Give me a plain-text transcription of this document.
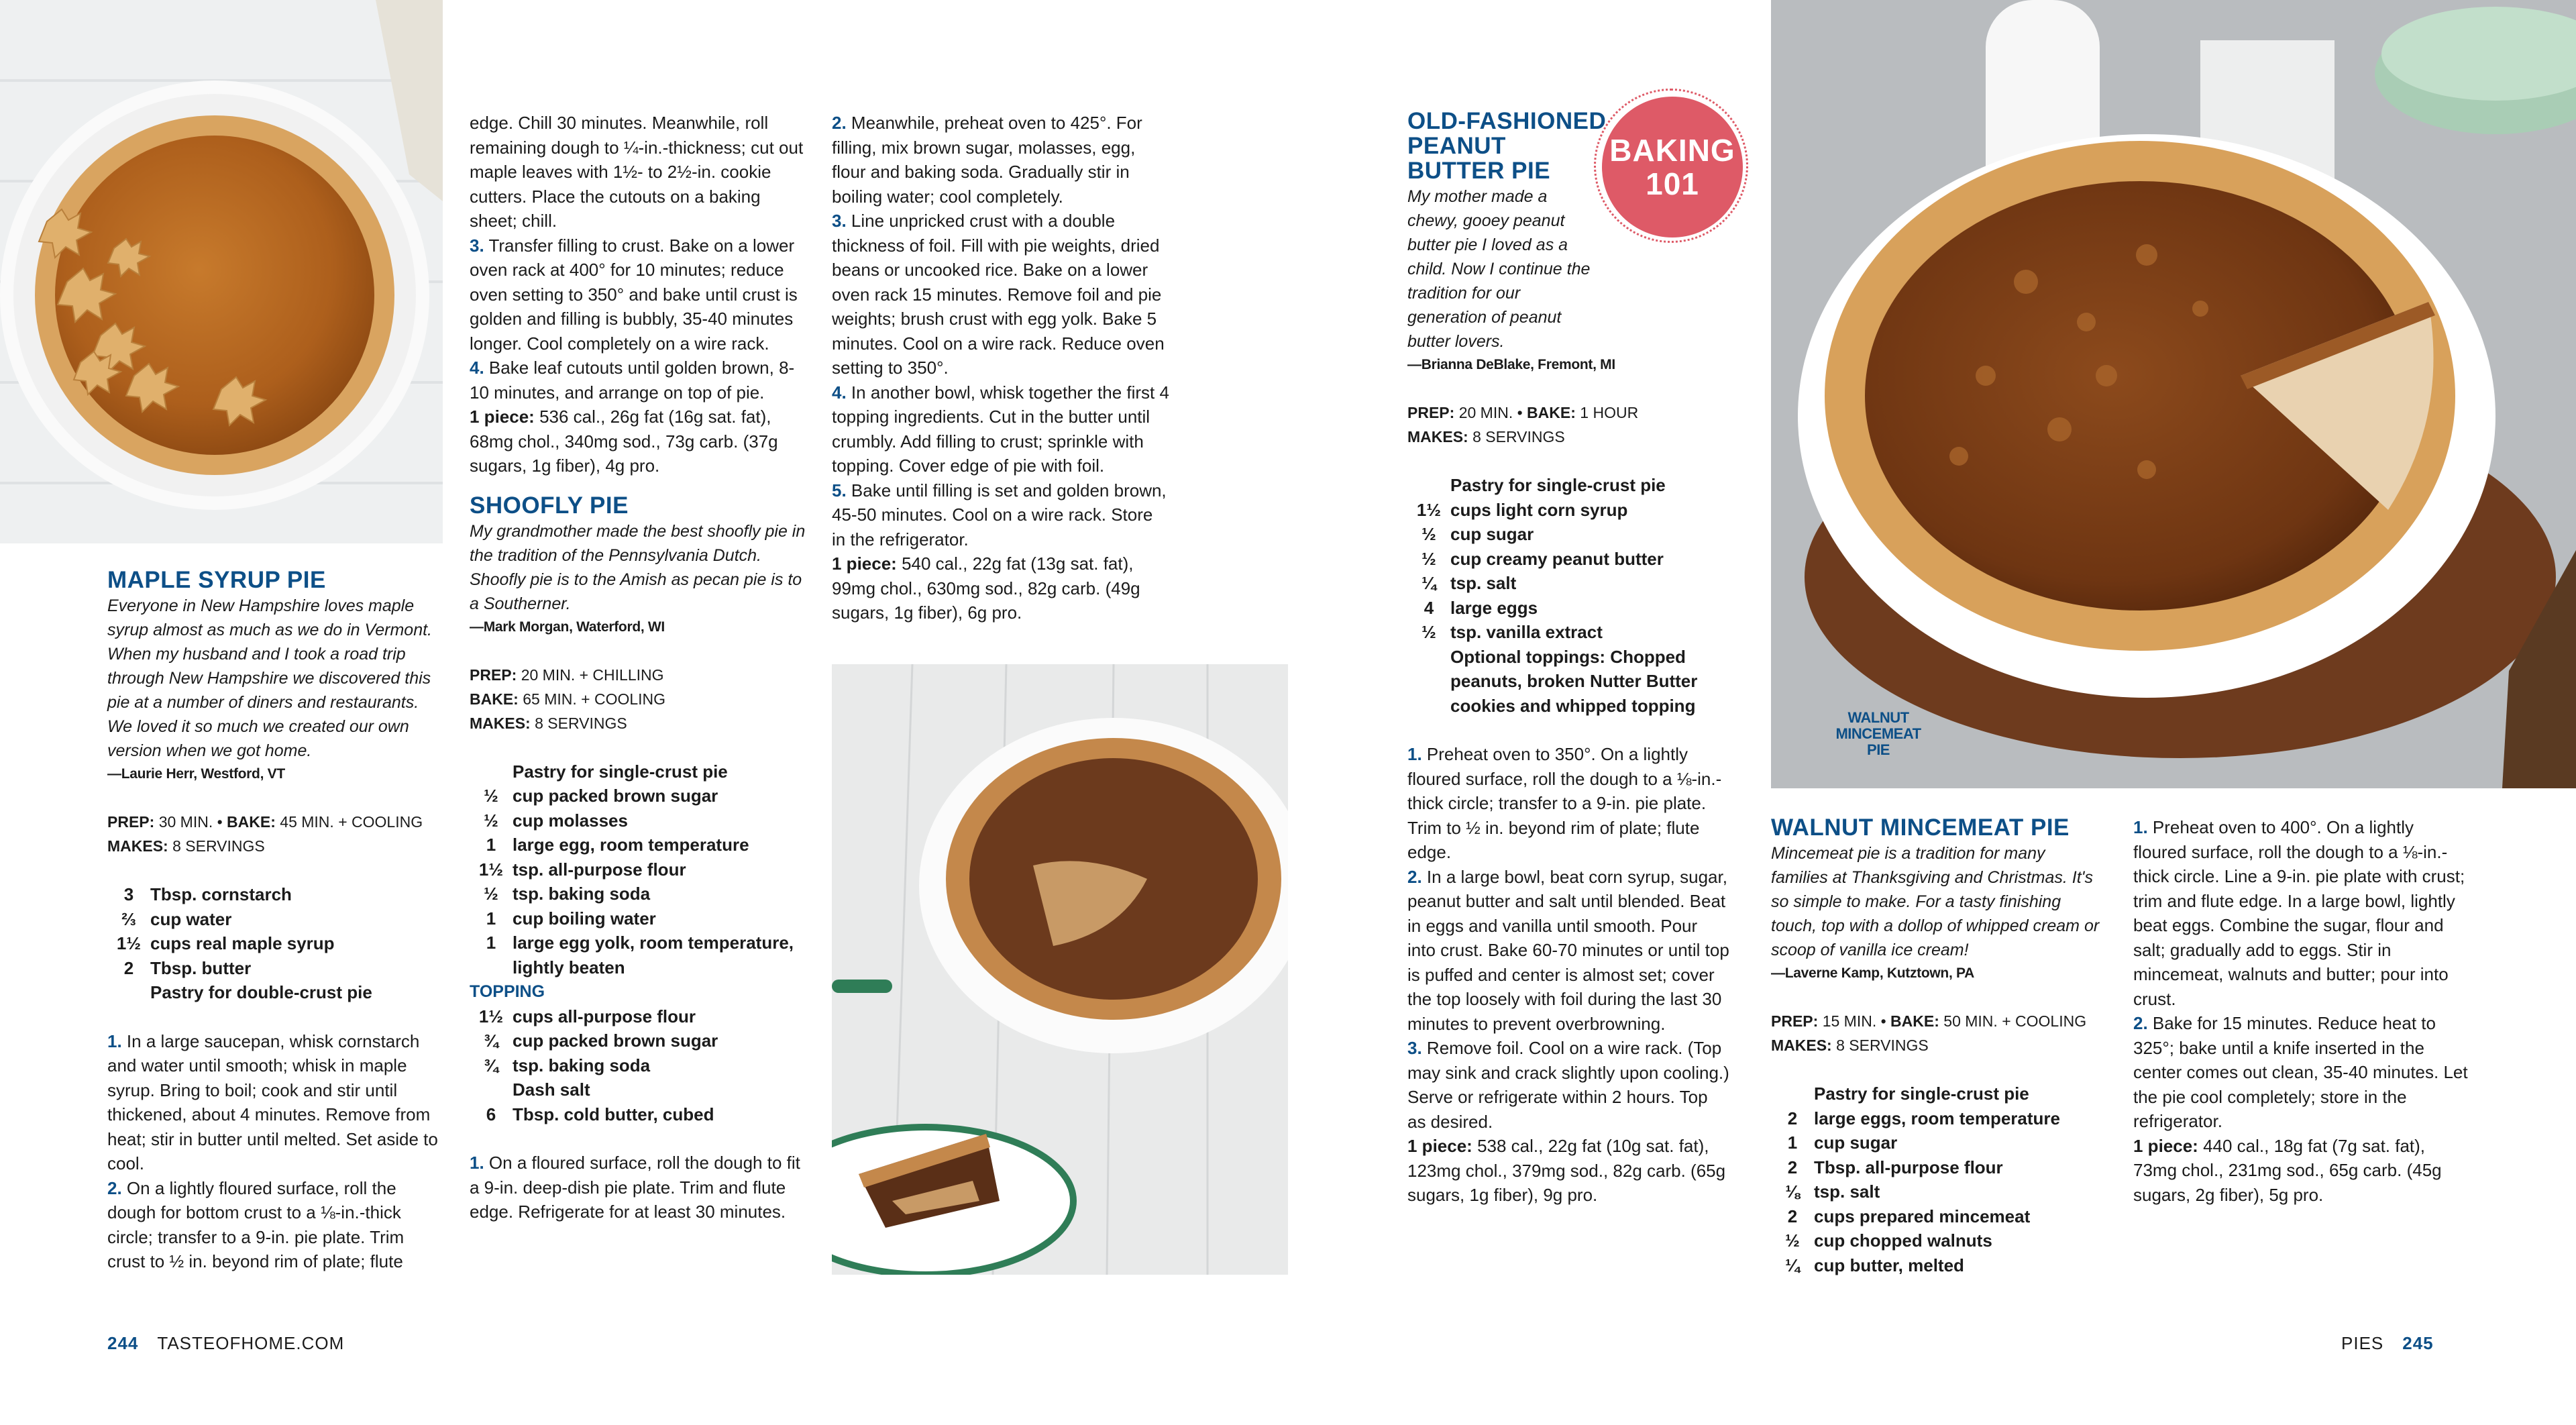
MAPLE SYRUP PIE

Everyone in New Hampshire loves maple syrup almost as much as we do in Vermont. When my husband and I took a road trip through New Hampshire we discovered this pie at a number of diners and restaurants. We loved it so much we created our own version when we got home.

—Laurie Herr, Westford, VT

PREP: 30 MIN. • BAKE: 45 MIN. + COOLING

MAKES: 8 SERVINGS

3 Tbsp. cornstarch
⅔ cup water
1½ cups real maple syrup
2 Tbsp. butter
Pastry for double-crust pie

1. In a large saucepan, whisk cornstarch and water until smooth; whisk in maple syrup. Bring to boil; cook and stir until thickened, about 4 minutes. Remove from heat; stir in butter until melted. Set aside to cool.

2. On a lightly floured surface, roll the dough for bottom crust to a ⅛-in.-thick circle; transfer to a 9-in. pie plate. Trim crust to ½ in. beyond rim of plate; flute

edge. Chill 30 minutes. Meanwhile, roll remaining dough to ¼-in.-thickness; cut out maple leaves with 1½- to 2½-in. cookie cutters. Place the cutouts on a baking sheet; chill.

3. Transfer filling to crust. Bake on a lower oven rack at 400° for 10 minutes; reduce oven setting to 350° and bake until crust is golden and filling is bubbly, 35-40 minutes longer. Cool completely on a wire rack.

4. Bake leaf cutouts until golden brown, 8-10 minutes, and arrange on top of pie.

1 piece: 536 cal., 26g fat (16g sat. fat), 68mg chol., 340mg sod., 73g carb. (37g sugars, 1g fiber), 4g pro.

SHOOFLY PIE

My grandmother made the best shoofly pie in the tradition of the Pennsylvania Dutch. Shoofly pie is to the Amish as pecan pie is to a Southerner.

—Mark Morgan, Waterford, WI

PREP: 20 MIN. + CHILLING

BAKE: 65 MIN. + COOLING

MAKES: 8 SERVINGS

Pastry for single-crust pie
½ cup packed brown sugar
½ cup molasses
1 large egg, room temperature
1½ tsp. all-purpose flour
½ tsp. baking soda
1 cup boiling water
1 large egg yolk, room temperature, lightly beaten

TOPPING

1½ cups all-purpose flour
¾ cup packed brown sugar
¾ tsp. baking soda
Dash salt
6 Tbsp. cold butter, cubed

1. On a floured surface, roll the dough to fit a 9-in. deep-dish pie plate. Trim and flute edge. Refrigerate for at least 30 minutes.

2. Meanwhile, preheat oven to 425°. For filling, mix brown sugar, molasses, egg, flour and baking soda. Gradually stir in boiling water; cool completely.

3. Line unpricked crust with a double thickness of foil. Fill with pie weights, dried beans or uncooked rice. Bake on a lower oven rack 15 minutes. Remove foil and pie weights; brush crust with egg yolk. Bake 5 minutes. Cool on a wire rack. Reduce oven setting to 350°.

4. In another bowl, whisk together the first 4 topping ingredients. Cut in the butter until crumbly. Add filling to crust; sprinkle with topping. Cover edge of pie with foil.

5. Bake until filling is set and golden brown, 45-50 minutes. Cool on a wire rack. Store in the refrigerator.

1 piece: 540 cal., 22g fat (13g sat. fat), 99mg chol., 630mg sod., 82g carb. (49g sugars, 1g fiber), 6g pro.

OLD-FASHIONED
PEANUT
BUTTER PIE

My mother made a chewy, gooey peanut butter pie I loved as a child. Now I continue the tradition for our generation of peanut butter lovers.

—Brianna DeBlake, Fremont, MI

PREP: 20 MIN. • BAKE: 1 HOUR

MAKES: 8 SERVINGS

Pastry for single-crust pie
1½ cups light corn syrup
½ cup sugar
½ cup creamy peanut butter
¼ tsp. salt
4 large eggs
½ tsp. vanilla extract
Optional toppings: Chopped peanuts, broken Nutter Butter cookies and whipped topping

1. Preheat oven to 350°. On a lightly floured surface, roll the dough to a ⅛-in.-thick circle; transfer to a 9-in. pie plate. Trim to ½ in. beyond rim of plate; flute edge.

2. In a large bowl, beat corn syrup, sugar, peanut butter and salt until blended. Beat in eggs and vanilla until smooth. Pour into crust. Bake 60-70 minutes or until top is puffed and center is almost set; cover the top loosely with foil during the last 30 minutes to prevent overbrowning.

3. Remove foil. Cool on a wire rack. (Top may sink and crack slightly upon cooling.) Serve or refrigerate within 2 hours. Top as desired.

1 piece: 538 cal., 22g fat (10g sat. fat), 123mg chol., 379mg sod., 82g carb. (65g sugars, 1g fiber), 9g pro.

BAKING
101
WALNUT MINCEMEAT PIE

WALNUT MINCEMEAT PIE

Mincemeat pie is a tradition for many families at Thanksgiving and Christmas. It's so simple to make. For a tasty finishing touch, top with a dollop of whipped cream or scoop of vanilla ice cream!

—Laverne Kamp, Kutztown, PA

PREP: 15 MIN. • BAKE: 50 MIN. + COOLING

MAKES: 8 SERVINGS

Pastry for single-crust pie
2 large eggs, room temperature
1 cup sugar
2 Tbsp. all-purpose flour
⅛ tsp. salt
2 cups prepared mincemeat
½ cup chopped walnuts
¼ cup butter, melted

1. Preheat oven to 400°. On a lightly floured surface, roll the dough to a ⅛-in.-thick circle. Line a 9-in. pie plate with crust; trim and flute edge. In a large bowl, lightly beat eggs. Combine the sugar, flour and salt; gradually add to eggs. Stir in mincemeat, walnuts and butter; pour into crust.

2. Bake for 15 minutes. Reduce heat to 325°; bake until a knife inserted in the center comes out clean, 35-40 minutes. Let the pie cool completely; store in the refrigerator.

1 piece: 440 cal., 18g fat (7g sat. fat), 73mg chol., 231mg sod., 65g carb. (45g sugars, 2g fiber), 5g pro.

244 TASTEOFHOME.COM	PIES 245
